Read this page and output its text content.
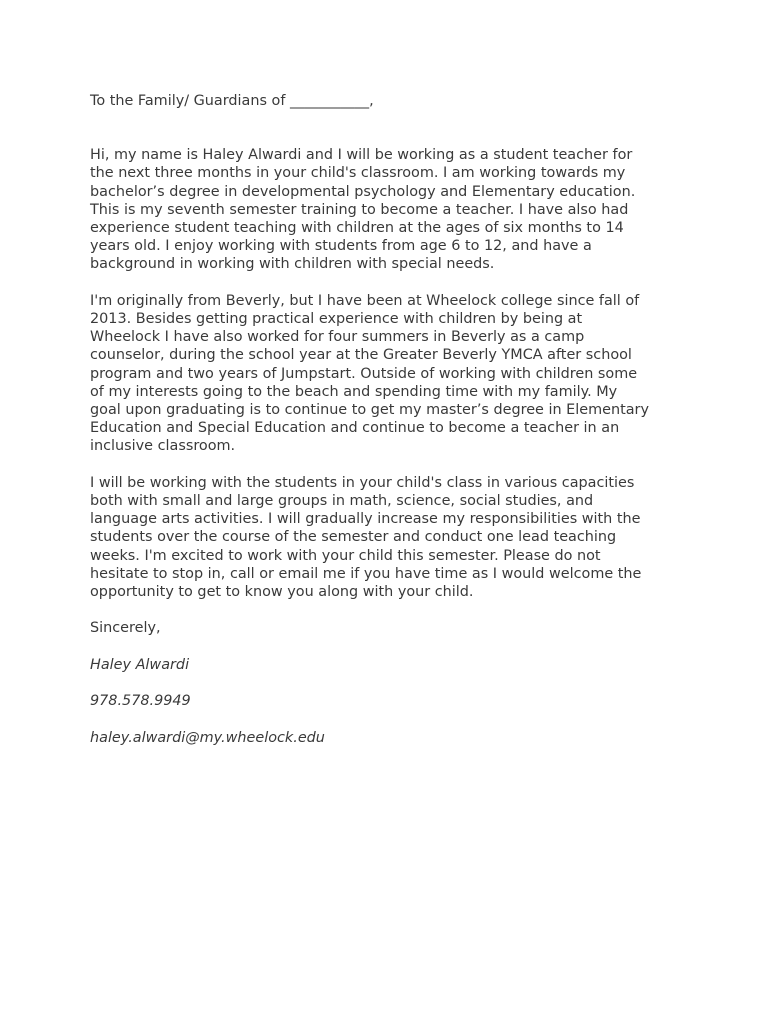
To the Family/ Guardians of ___________,
Hi, my name is Haley Alwardi and I will be working as a student teacher for
the next three months in your child's classroom. I am working towards my
bachelor’s degree in developmental psychology and Elementary education.
This is my seventh semester training to become a teacher. I have also had
experience student teaching with children at the ages of six months to 14
years old. I enjoy working with students from age 6 to 12, and have a
background in working with children with special needs.
I'm originally from Beverly, but I have been at Wheelock college since fall of
2013. Besides getting practical experience with children by being at
Wheelock I have also worked for four summers in Beverly as a camp
counselor, during the school year at the Greater Beverly YMCA after school
program and two years of Jumpstart. Outside of working with children some
of my interests going to the beach and spending time with my family. My
goal upon graduating is to continue to get my master’s degree in Elementary
Education and Special Education and continue to become a teacher in an
inclusive classroom.
I will be working with the students in your child's class in various capacities
both with small and large groups in math, science, social studies, and
language arts activities. I will gradually increase my responsibilities with the
students over the course of the semester and conduct one lead teaching
weeks. I'm excited to work with your child this semester. Please do not
hesitate to stop in, call or email me if you have time as I would welcome the
opportunity to get to know you along with your child.
Sincerely,
Haley Alwardi
978.578.9949
haley.alwardi@my.wheelock.edu
